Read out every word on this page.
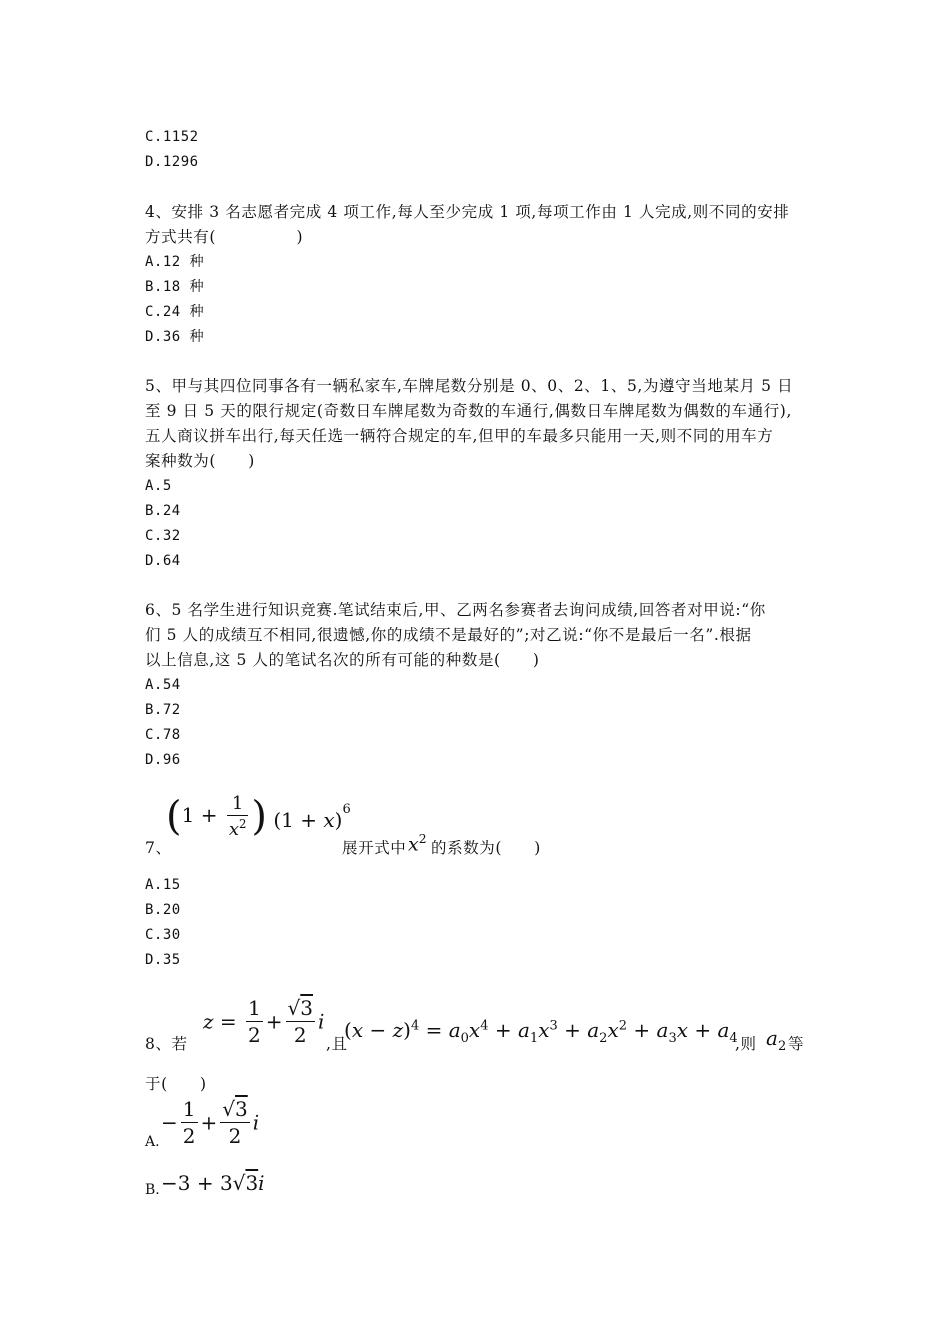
C.1152
D.1296
4、安排 3 名志愿者完成 4 项工作,每人至少完成 1 项,每项工作由 1 人完成,则不同的安排
方式共有(　　　　　)
A.12 种
B.18 种
C.24 种
D.36 种
5、甲与其四位同事各有一辆私家车,车牌尾数分别是 0、0、2、1、5,为遵守当地某月 5 日
至 9 日 5 天的限行规定(奇数日车牌尾数为奇数的车通行,偶数日车牌尾数为偶数的车通行),
五人商议拼车出行,每天任选一辆符合规定的车,但甲的车最多只能用一天,则不同的用车方
案种数为(　　)
A.5
B.24
C.32
D.64
6、5 名学生进行知识竞赛.笔试结束后,甲、乙两名参赛者去询问成绩,回答者对甲说:“你
们 5 人的成绩互不相同,很遗憾,你的成绩不是最好的”;对乙说:“你不是最后一名”.根据
以上信息,这 5 人的笔试名次的所有可能的种数是(　　)
A.54
B.72
C.78
D.96
7、
($1 + \frac{1}{x^2}$ ) $(1 + x)^6$
展开式中 $x^2$ 的系数为(　　)
A.15
B.20
C.30
D.35
8、若
$z = \frac{1}{2} + \frac{√3}{2}$ i
,且
$(x - z)^4 = a_0x^4 + a_1x^3 + a_2x^2 + a_3x + a_4$
,则 $a_2$ 等
于(　　)
A.
− $\frac{1}{2} + \frac{√3}{2}$ i
B. −3 + 3√3i
